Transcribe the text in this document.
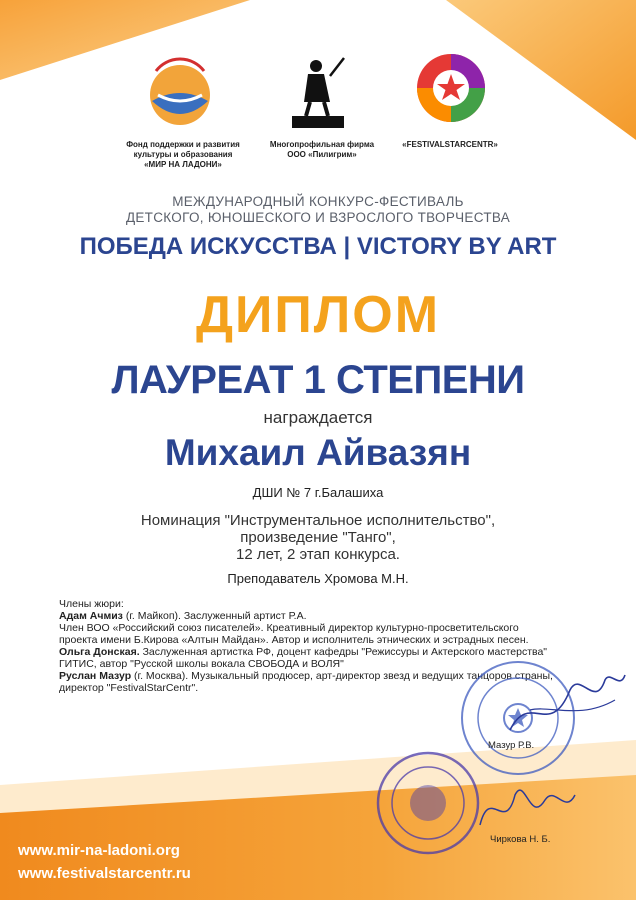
Фонд поддержки и развития
культуры и образования
«МИР НА ЛАДОНИ»
Многопрофильная фирма
ООО «Пилигрим»
«FESTIVALSTARCENTR»
МЕЖДУНАРОДНЫЙ КОНКУРС-ФЕСТИВАЛЬ
ДЕТСКОГО, ЮНОШЕСКОГО И ВЗРОСЛОГО ТВОРЧЕСТВА
ПОБЕДА ИСКУССТВА | VICTORY BY ART
ДИПЛОМ
ЛАУРЕАТ 1 СТЕПЕНИ
награждается
Михаил Айвазян
ДШИ № 7 г.Балашиха
Номинация "Инструментальное исполнительство",
произведение "Танго",
12 лет, 2 этап конкурса.
Преподаватель Хромова М.Н.
Члены жюри:
Адам Ачмиз (г. Майкоп). Заслуженный артист Р.А.
Член ВОО «Российский союз писателей». Креативный директор культурно-просветительского проекта имени Б.Кирова «Алтын Майдан». Автор и исполнитель этнических и эстрадных песен.
Ольга Донская. Заслуженная артистка РФ, доцент кафедры "Режиссуры и Актерского мастерства" ГИТИС, автор "Русской школы вокала СВОБОДА и ВОЛЯ"
Руслан Мазур (г. Москва). Музыкальный продюсер, арт-директор звезд и ведущих танцоров страны, директор "FestivalStarCentr".
Мазур Р.В.
Чиркова Н. Б.
www.mir-na-ladoni.org
www.festivalstarcentr.ru
